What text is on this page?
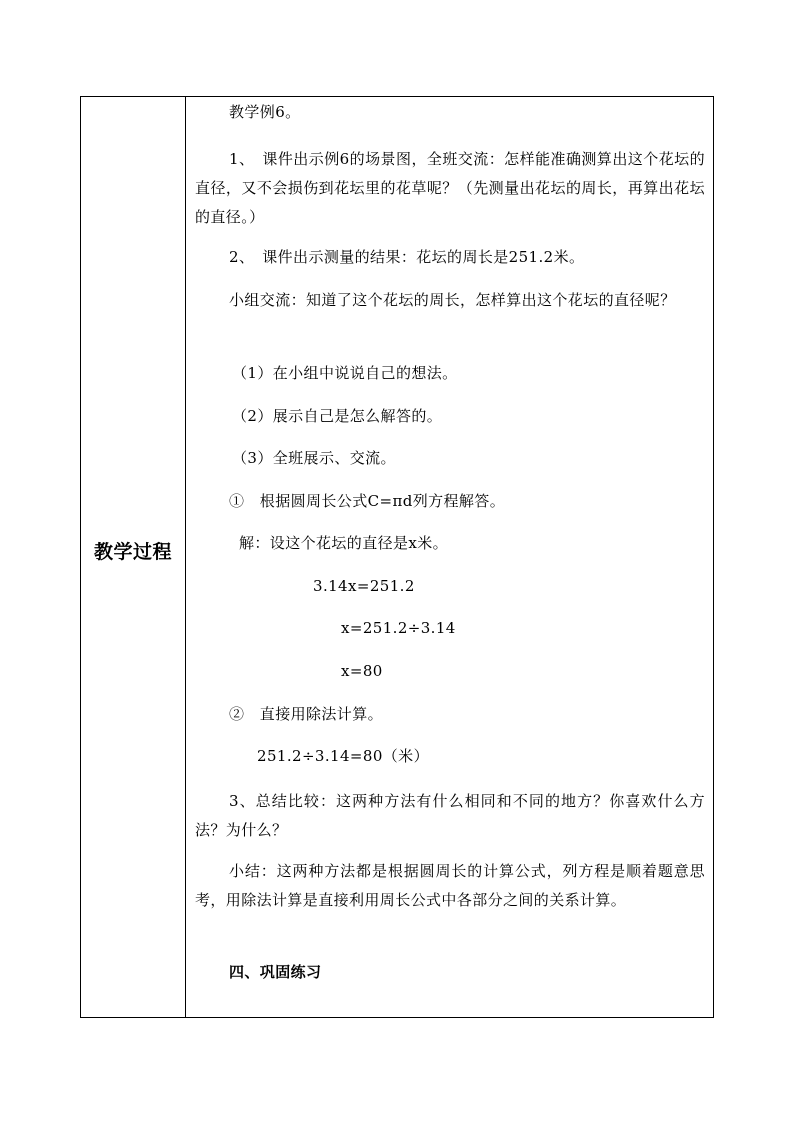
教学过程

教学例6。

1、　课件出示例6的场景图，全班交流：怎样能准确测算出这个花坛的直径，又不会损伤到花坛里的花草呢？（先测量出花坛的周长，再算出花坛的直径。）

2、　课件出示测量的结果：花坛的周长是251.2米。

小组交流：知道了这个花坛的周长，怎样算出这个花坛的直径呢？

（1）在小组中说说自己的想法。

（2）展示自己是怎么解答的。

（3）全班展示、交流。

①　根据圆周长公式C=πd列方程解答。

解：设这个花坛的直径是x米。

3.14x=251.2

x=251.2÷3.14

x=80

②　直接用除法计算。

251.2÷3.14=80（米）

3、总结比较：这两种方法有什么相同和不同的地方？你喜欢什么方法？为什么？

小结：这两种方法都是根据圆周长的计算公式，列方程是顺着题意思考，用除法计算是直接利用周长公式中各部分之间的关系计算。

四、巩固练习
